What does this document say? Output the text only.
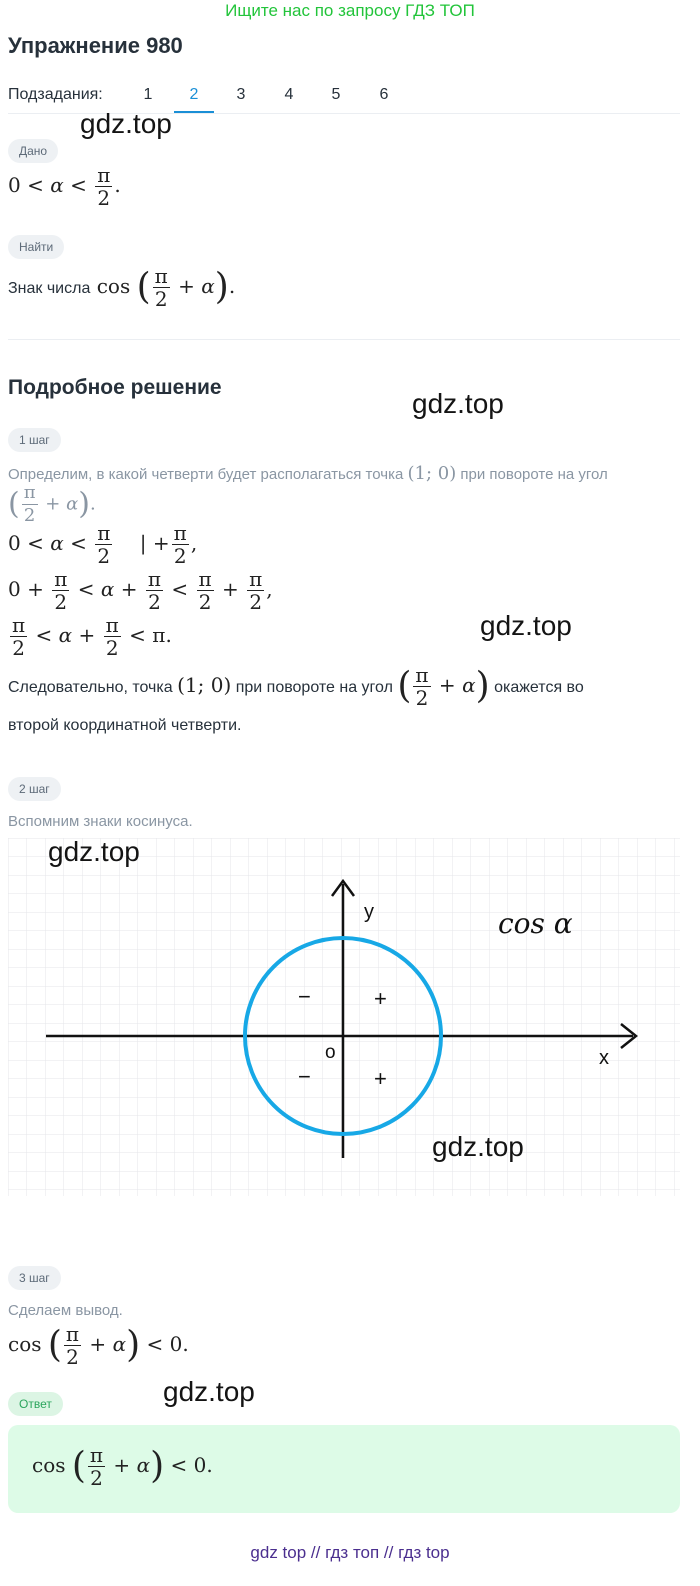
Ищите нас по запросу ГДЗ ТОП
Упражнение 980
Подзадания:	1	2	3	4	5	6
gdz.top
Дано
$0 < \alpha < \frac{\pi}{2}$ .
Найти
Знак числа cos ( $\frac{\pi}{2} + \alpha$).
Подробное решение
gdz.top
1 шаг
Определим, в какой четверти будет располагаться точка (1; 0) при повороте на угол
( $\frac{\pi}{2} + \alpha$).
$0 < \alpha < \frac{\pi}{2}$ | + $\frac{\pi}{2}$ ,
$0 + \frac{\pi}{2} < \alpha + \frac{\pi}{2} < \frac{\pi}{2} + \frac{\pi}{2}$ ,
$\frac{\pi}{2} < \alpha + \frac{\pi}{2} < \pi$.	gdz.top
Следовательно, точка (1; 0) при повороте на угол ( $\frac{\pi}{2} + \alpha$) окажется во
второй координатной четверти.
2 шаг
Вспомним знаки косинуса.
y
x
o
cos α
−	+
−	+
gdz.top
gdz.top
3 шаг
Сделаем вывод.
cos ( $\frac{\pi}{2} + \alpha) < 0$.
gdz.top
Ответ
cos ( $\frac{\pi}{2} + \alpha) < 0$.
gdz top // гдз топ // гдз top
